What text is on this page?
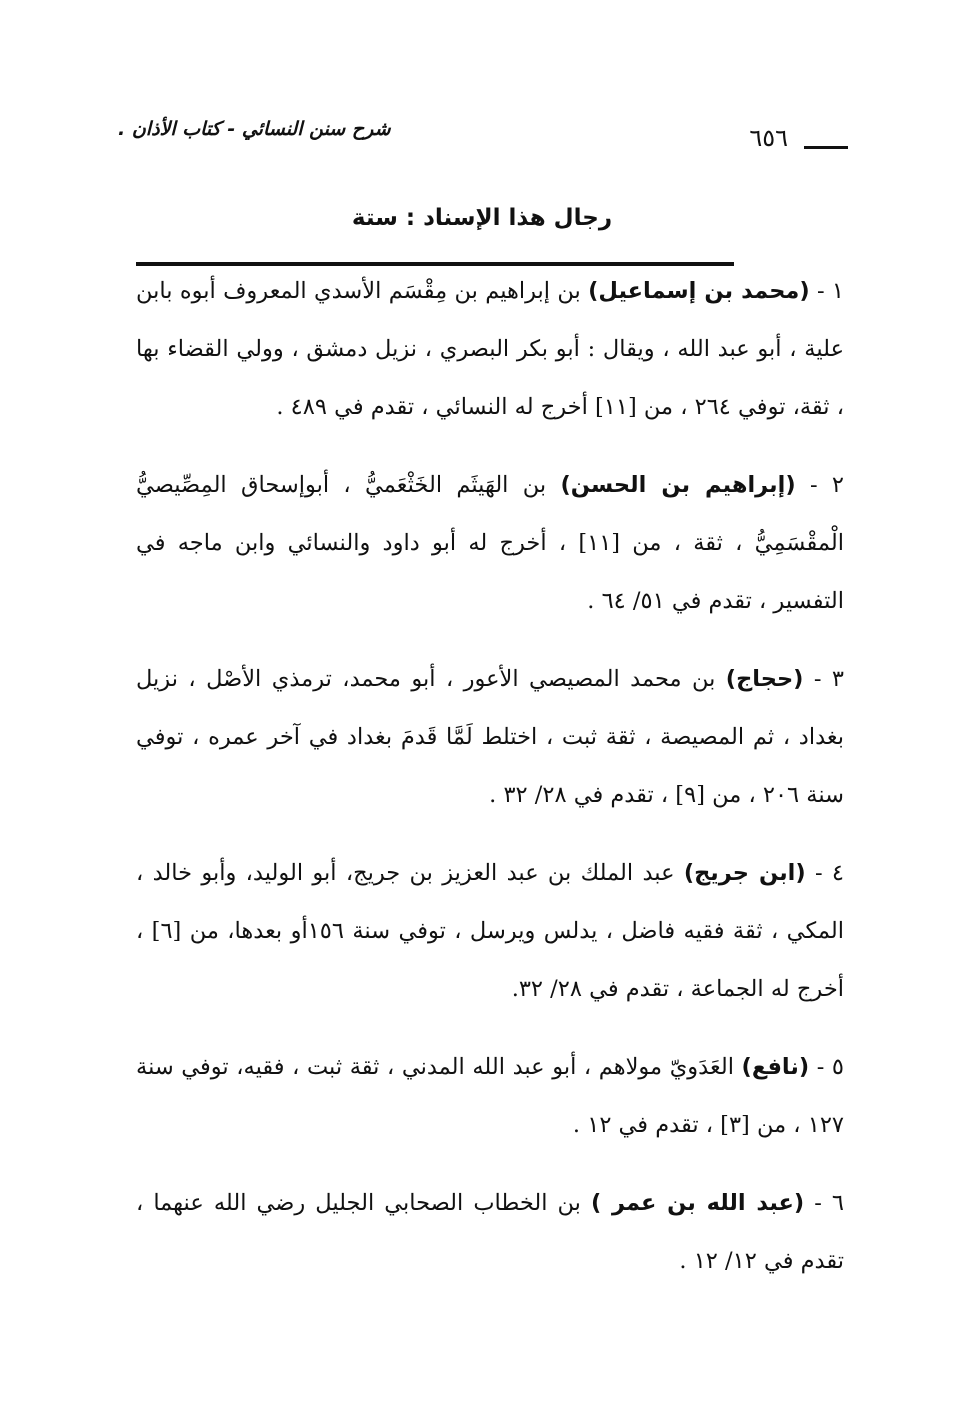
شرح سنن النسائي - كتاب الأذان .	٦٥٦
رجال هذا الإسناد : ستة

١ - (محمد بن إسماعيل) بن إبراهيم بن مِقْسَم الأسدي المعروف أبوه بابن علية ، أبو عبد الله ، ويقال : أبو بكر البصري ، نزيل دمشق ، وولي القضاء بها ، ثقة، توفي ٢٦٤ ، من [١١] أخرج له النسائي ، تقدم في ٤٨٩ .

٢ - (إبراهيم بن الحسن) بن الهَيثَم الخَثْعَميُّ ، أبوإسحاق المِصِّيصيُّ الْمقْسَمِيُّ ، ثقة ، من [١١] ، أخرج له أبو داود والنسائي وابن ماجه في التفسير ، تقدم في ٥١/ ٦٤ .

٣ - (حجاج) بن محمد المصيصي الأعور ، أبو محمد، ترمذي الأصْل ، نزيل بغداد ، ثم المصيصة ، ثقة ثبت ، اختلط لَمَّا قَدمَ بغداد في آخر عمره ، توفي سنة ٢٠٦ ، من [٩] ، تقدم في ٢٨/ ٣٢ .

٤ - (ابن جريج) عبد الملك بن عبد العزيز بن جريج، أبو الوليد، وأبو خالد ، المكي ، ثقة فقيه فاضل ، يدلس ويرسل ، توفي سنة ١٥٦أو بعدها، من [٦] ، أخرج له الجماعة ، تقدم في ٢٨/ ٣٢.

٥ - (نافع) العَدَويّ مولاهم ، أبو عبد الله المدني ، ثقة ثبت ، فقيه، توفي سنة ١٢٧ ، من [٣] ، تقدم في ١٢ .

٦ - (عبد الله بن عمر ) بن الخطاب الصحابي الجليل رضي الله عنهما ، تقدم في ١٢/ ١٢ .
